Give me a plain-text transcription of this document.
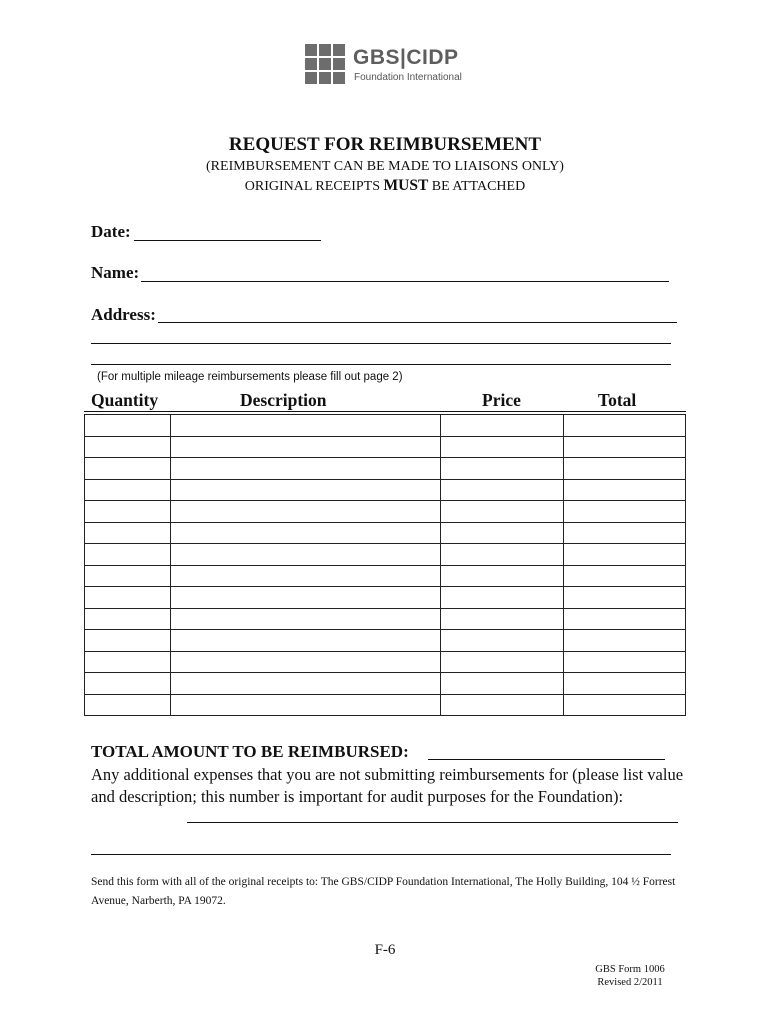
GBS|CIDP
Foundation International
REQUEST FOR REIMBURSEMENT
(REIMBURSEMENT CAN BE MADE TO LIAISONS ONLY)
ORIGINAL RECEIPTS MUST BE ATTACHED
Date:
Name:
Address:
(For multiple mileage reimbursements please fill out page 2)
Quantity	Description	Price	Total

TOTAL AMOUNT TO BE REIMBURSED:
Any additional expenses that you are not submitting reimbursements for (please list value and description; this number is important for audit purposes for the Foundation):
Send this form with all of the original receipts to: The GBS/CIDP Foundation International, The Holly Building, 104 ½ Forrest Avenue, Narberth, PA 19072.
F-6
GBS Form 1006
Revised 2/2011
